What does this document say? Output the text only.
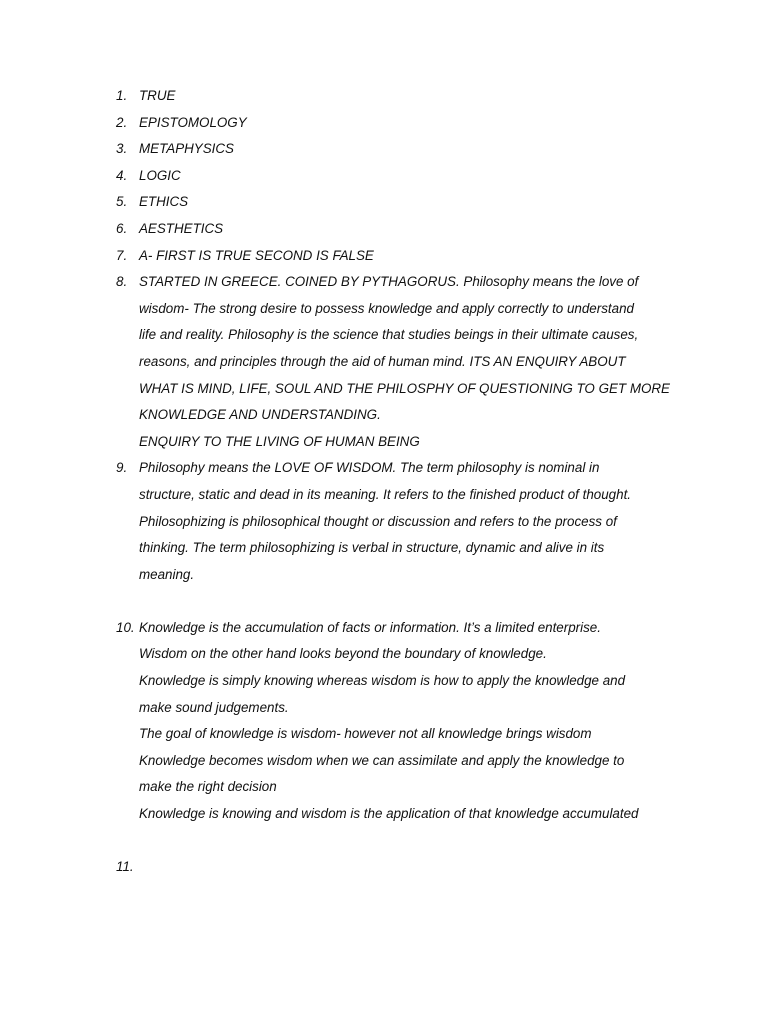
1. TRUE
2. EPISTOMOLOGY
3. METAPHYSICS
4. LOGIC
5. ETHICS
6. AESTHETICS
7. A- FIRST IS TRUE SECOND IS FALSE
8. STARTED IN GREECE. COINED BY PYTHAGORUS. Philosophy means the love of
wisdom- The strong desire to possess knowledge and apply correctly to understand
life and reality. Philosophy is the science that studies beings in their ultimate causes,
reasons, and principles through the aid of human mind. ITS AN ENQUIRY ABOUT
WHAT IS MIND, LIFE, SOUL AND THE PHILOSPHY OF QUESTIONING TO GET MORE
KNOWLEDGE AND UNDERSTANDING.
ENQUIRY TO THE LIVING OF HUMAN BEING
9. Philosophy means the LOVE OF WISDOM. The term philosophy is nominal in
structure, static and dead in its meaning. It refers to the finished product of thought.
Philosophizing is philosophical thought or discussion and refers to the process of
thinking. The term philosophizing is verbal in structure, dynamic and alive in its
meaning.
10. Knowledge is the accumulation of facts or information. It’s a limited enterprise.
Wisdom on the other hand looks beyond the boundary of knowledge.
Knowledge is simply knowing whereas wisdom is how to apply the knowledge and
make sound judgements.
The goal of knowledge is wisdom- however not all knowledge brings wisdom
Knowledge becomes wisdom when we can assimilate and apply the knowledge to
make the right decision
Knowledge is knowing and wisdom is the application of that knowledge accumulated
11.
